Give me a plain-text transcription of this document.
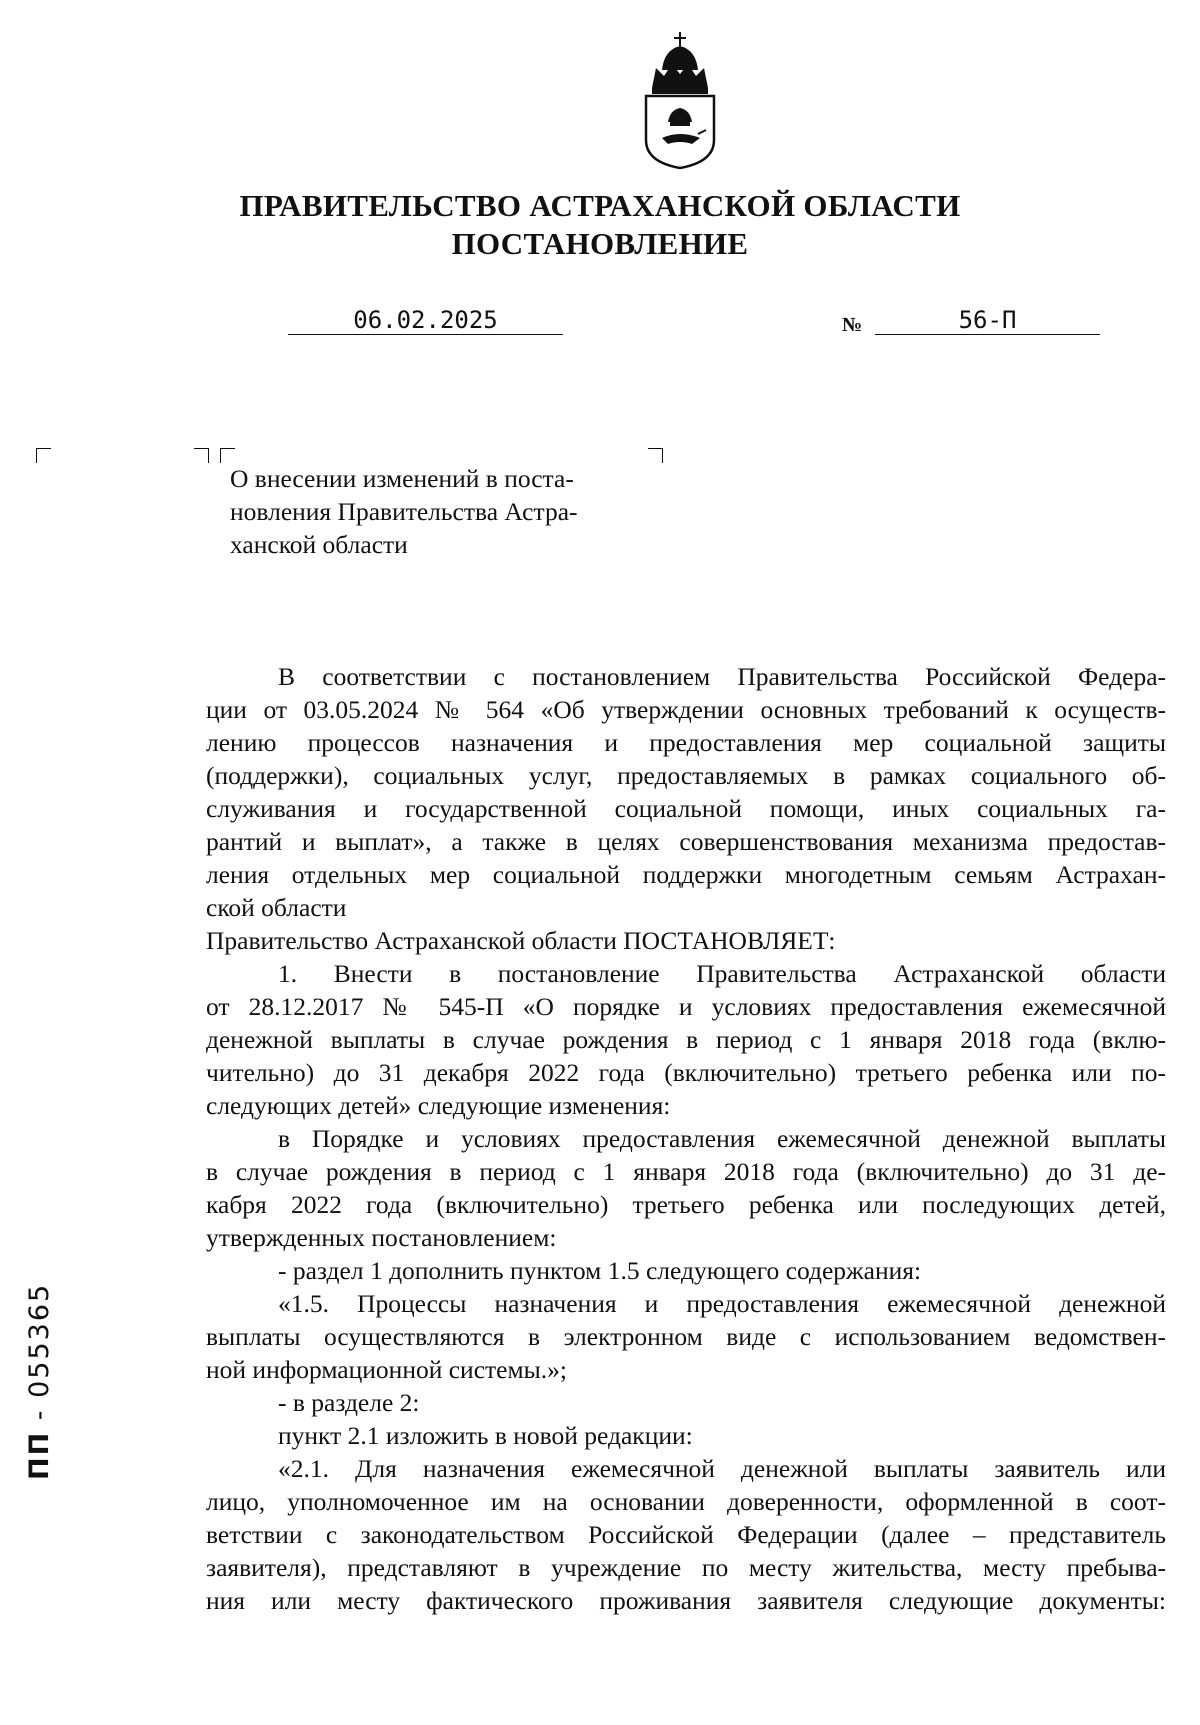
ПРАВИТЕЛЬСТВО АСТРАХАНСКОЙ ОБЛАСТИ
ПОСТАНОВЛЕНИЕ
06.02.2025	№	56-П
О внесении изменений в поста-
новления Правительства Астра-
ханской области
В соответствии с постановлением Правительства Российской Федера-
ции от 03.05.2024 № 564 «Об утверждении основных требований к осуществ-
лению процессов назначения и предоставления мер социальной защиты
(поддержки), социальных услуг, предоставляемых в рамках социального об-
служивания и государственной социальной помощи, иных социальных га-
рантий и выплат», а также в целях совершенствования механизма предостав-
ления отдельных мер социальной поддержки многодетным семьям Астрахан-
ской области
Правительство Астраханской области ПОСТАНОВЛЯЕТ:
1. Внести в постановление Правительства Астраханской области
от 28.12.2017 № 545-П «О порядке и условиях предоставления ежемесячной
денежной выплаты в случае рождения в период с 1 января 2018 года (вклю-
чительно) до 31 декабря 2022 года (включительно) третьего ребенка или по-
следующих детей» следующие изменения:
в Порядке и условиях предоставления ежемесячной денежной выплаты
в случае рождения в период с 1 января 2018 года (включительно) до 31 де-
кабря 2022 года (включительно) третьего ребенка или последующих детей,
утвержденных постановлением:
- раздел 1 дополнить пунктом 1.5 следующего содержания:
«1.5. Процессы назначения и предоставления ежемесячной денежной
выплаты осуществляются в электронном виде с использованием ведомствен-
ной информационной системы.»;
- в разделе 2:
пункт 2.1 изложить в новой редакции:
«2.1. Для назначения ежемесячной денежной выплаты заявитель или
лицо, уполномоченное им на основании доверенности, оформленной в соот-
ветствии с законодательством Российской Федерации (далее – представитель
заявителя), представляют в учреждение по месту жительства, месту пребыва-
ния или месту фактического проживания заявителя следующие документы:
ПП - 055365
